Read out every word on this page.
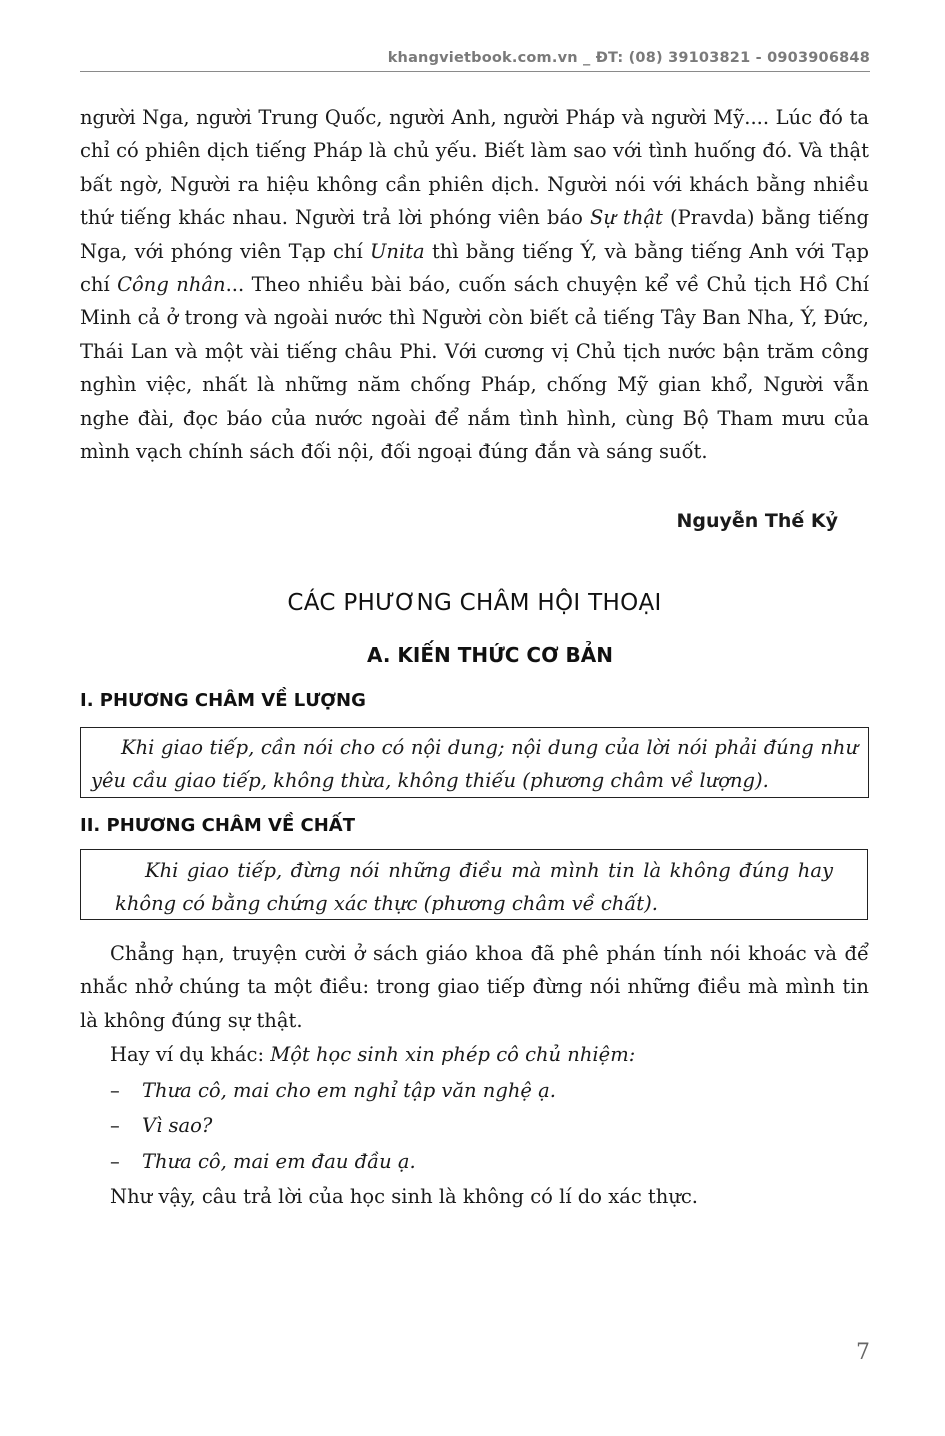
khangvietbook.com.vn _ ĐT: (08) 39103821 - 0903906848
người Nga, người Trung Quốc, người Anh, người Pháp và người Mỹ.... Lúc đó ta chỉ có phiên dịch tiếng Pháp là chủ yếu. Biết làm sao với tình huống đó. Và thật bất ngờ, Người ra hiệu không cần phiên dịch. Người nói với khách bằng nhiều thứ tiếng khác nhau. Người trả lời phóng viên báo Sự thật (Pravda) bằng tiếng Nga, với phóng viên Tạp chí Unita thì bằng tiếng Ý, và bằng tiếng Anh với Tạp chí Công nhân... Theo nhiều bài báo, cuốn sách chuyện kể về Chủ tịch Hồ Chí Minh cả ở trong và ngoài nước thì Người còn biết cả tiếng Tây Ban Nha, Ý, Đức, Thái Lan và một vài tiếng châu Phi. Với cương vị Chủ tịch nước bận trăm công nghìn việc, nhất là những năm chống Pháp, chống Mỹ gian khổ, Người vẫn nghe đài, đọc báo của nước ngoài để nắm tình hình, cùng Bộ Tham mưu của mình vạch chính sách đối nội, đối ngoại đúng đắn và sáng suốt.
Nguyễn Thế Kỷ
CÁC PHƯƠNG CHÂM HỘI THOẠI
A. KIẾN THỨC CƠ BẢN
I. PHƯƠNG CHÂM VỀ LƯỢNG
Khi giao tiếp, cần nói cho có nội dung; nội dung của lời nói phải đúng như yêu cầu giao tiếp, không thừa, không thiếu (phương châm về lượng).
II. PHƯƠNG CHÂM VỀ CHẤT
Khi giao tiếp, đừng nói những điều mà mình tin là không đúng hay không có bằng chứng xác thực (phương châm về chất).
Chẳng hạn, truyện cười ở sách giáo khoa đã phê phán tính nói khoác và để nhắc nhở chúng ta một điều: trong giao tiếp đừng nói những điều mà mình tin là không đúng sự thật.
Hay ví dụ khác: Một học sinh xin phép cô chủ nhiệm:
– Thưa cô, mai cho em nghỉ tập văn nghệ ạ.
– Vì sao?
– Thưa cô, mai em đau đầu ạ.
Như vậy, câu trả lời của học sinh là không có lí do xác thực.
7
